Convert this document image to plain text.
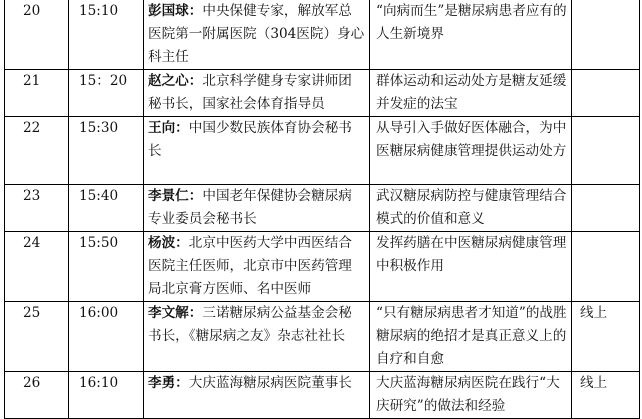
20	15:10	彭国球：中央保健专家，解放军总医院第一附属医院（304医院）身心科主任	“向病而生”是糖尿病患者应有的人生新境界	
21	15：20	赵之心：北京科学健身专家讲师团秘书长，国家社会体育指导员	群体运动和运动处方是糖友延缓并发症的法宝	
22	15:30	王向：中国少数民族体育协会秘书长	从导引入手做好医体融合，为中医糖尿病健康管理提供运动处方	
23	15:40	李景仁：中国老年保健协会糖尿病专业委员会秘书长	武汉糖尿病防控与健康管理结合模式的价值和意义	
24	15:50	杨波：北京中医药大学中西医结合医院主任医师，北京市中医药管理局北京膏方医师、名中医师	发挥药膳在中医糖尿病健康管理中积极作用	
25	16:00	李文解：三诺糖尿病公益基金会秘书长，《糖尿病之友》杂志社社长	“只有糖尿病患者才知道”的战胜糖尿病的绝招才是真正意义上的自疗和自愈	线上
26	16:10	李勇：大庆蓝海糖尿病医院董事长	大庆蓝海糖尿病医院在践行“大庆研究”的做法和经验	线上
